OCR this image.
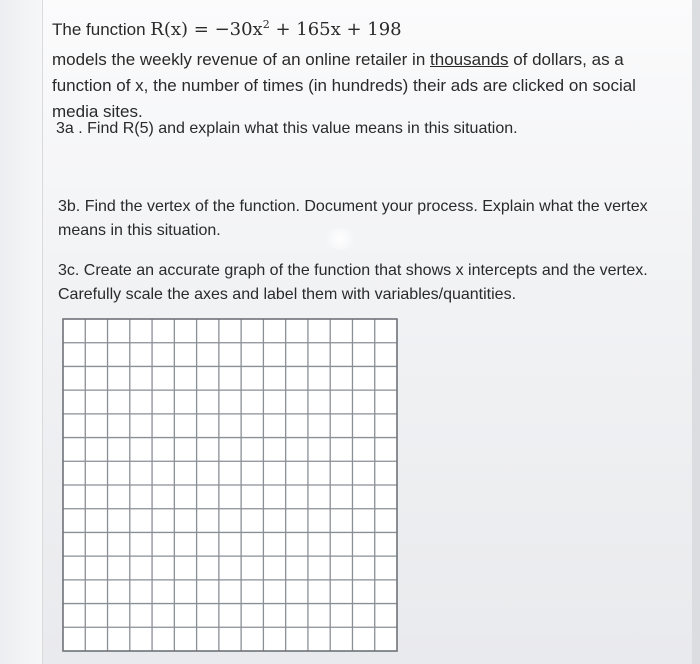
The function $R(x) = -30x^2 + 165x + 198$

models the weekly revenue of an online retailer in thousands of dollars, as a function of x, the number of times (in hundreds) their ads are clicked on social media sites.

3a . Find R(5) and explain what this value means in this situation.

3b. Find the vertex of the function. Document your process. Explain what the vertex means in this situation.

3c. Create an accurate graph of the function that shows x intercepts and the vertex. Carefully scale the axes and label them with variables/quantities.
